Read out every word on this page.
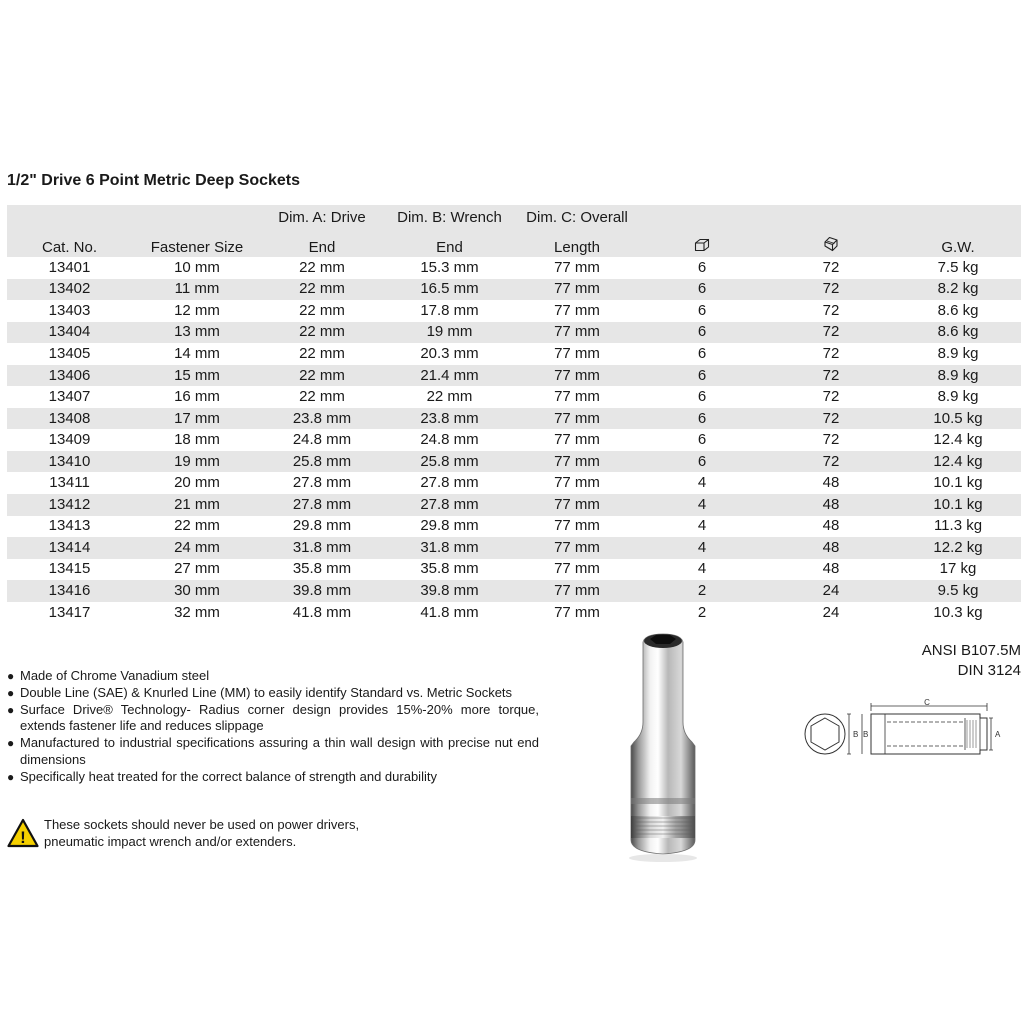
1/2" Drive 6 Point Metric Deep Sockets
		Dim. A: Drive	Dim. B: Wrench	Dim. C: Overall			
Cat. No.	Fastener Size	End	End	Length			G.W.
13401	10 mm	22 mm	15.3 mm	77 mm	6	72	7.5 kg
13402	11 mm	22 mm	16.5 mm	77 mm	6	72	8.2 kg
13403	12 mm	22 mm	17.8 mm	77 mm	6	72	8.6 kg
13404	13 mm	22 mm	19 mm	77 mm	6	72	8.6 kg
13405	14 mm	22 mm	20.3 mm	77 mm	6	72	8.9 kg
13406	15 mm	22 mm	21.4 mm	77 mm	6	72	8.9 kg
13407	16 mm	22 mm	22 mm	77 mm	6	72	8.9 kg
13408	17 mm	23.8 mm	23.8 mm	77 mm	6	72	10.5 kg
13409	18 mm	24.8 mm	24.8 mm	77 mm	6	72	12.4 kg
13410	19 mm	25.8 mm	25.8 mm	77 mm	6	72	12.4 kg
13411	20 mm	27.8 mm	27.8 mm	77 mm	4	48	10.1 kg
13412	21 mm	27.8 mm	27.8 mm	77 mm	4	48	10.1 kg
13413	22 mm	29.8 mm	29.8 mm	77 mm	4	48	11.3 kg
13414	24 mm	31.8 mm	31.8 mm	77 mm	4	48	12.2 kg
13415	27 mm	35.8 mm	35.8 mm	77 mm	4	48	17 kg
13416	30 mm	39.8 mm	39.8 mm	77 mm	2	24	9.5 kg
13417	32 mm	41.8 mm	41.8 mm	77 mm	2	24	10.3 kg
● Made of Chrome Vanadium steel
● Double Line (SAE) & Knurled Line (MM) to easily identify Standard vs. Metric Sockets
● Surface Drive® Technology- Radius corner design provides 15%-20% more torque, extends fastener life and reduces slippage
● Manufactured to industrial specifications assuring a thin wall design with precise nut end dimensions
● Specifically heat treated for the correct balance of strength and durability
!
These sockets should never be used on power drivers,
pneumatic impact wrench and/or extenders.
ANSI B107.5M
DIN 3124
B B
C
A
